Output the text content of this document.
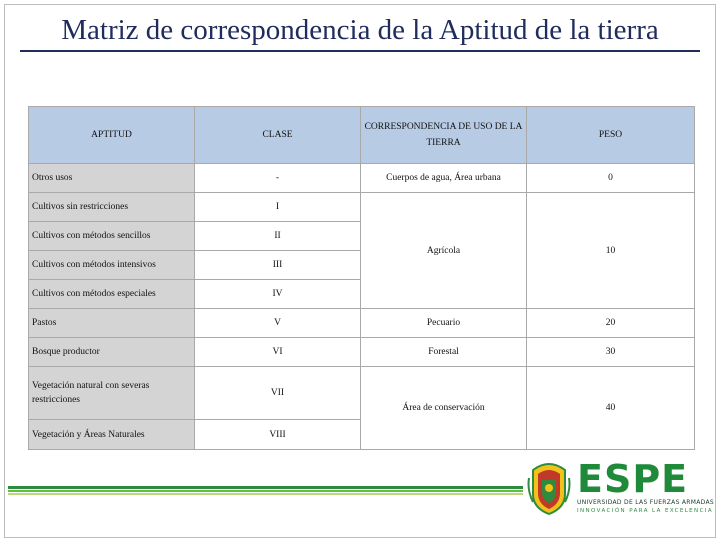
Matriz de correspondencia de la Aptitud de la tierra
APTITUD	CLASE	CORRESPONDENCIA DE USO DE LA TIERRA	PESO
Otros usos	-	Cuerpos de agua, Área urbana	0
Cultivos sin restricciones	I	Agrícola	10
Cultivos con métodos sencillos	II		
Cultivos con métodos intensivos	III		
Cultivos con métodos especiales	IV		
Pastos	V	Pecuario	20
Bosque productor	VI	Forestal	30
Vegetación natural con severas restricciones	VII	Área de conservación	40
Vegetación y Áreas Naturales	VIII		
ESPE
UNIVERSIDAD DE LAS FUERZAS ARMADAS
INNOVACIÓN PARA LA EXCELENCIA
